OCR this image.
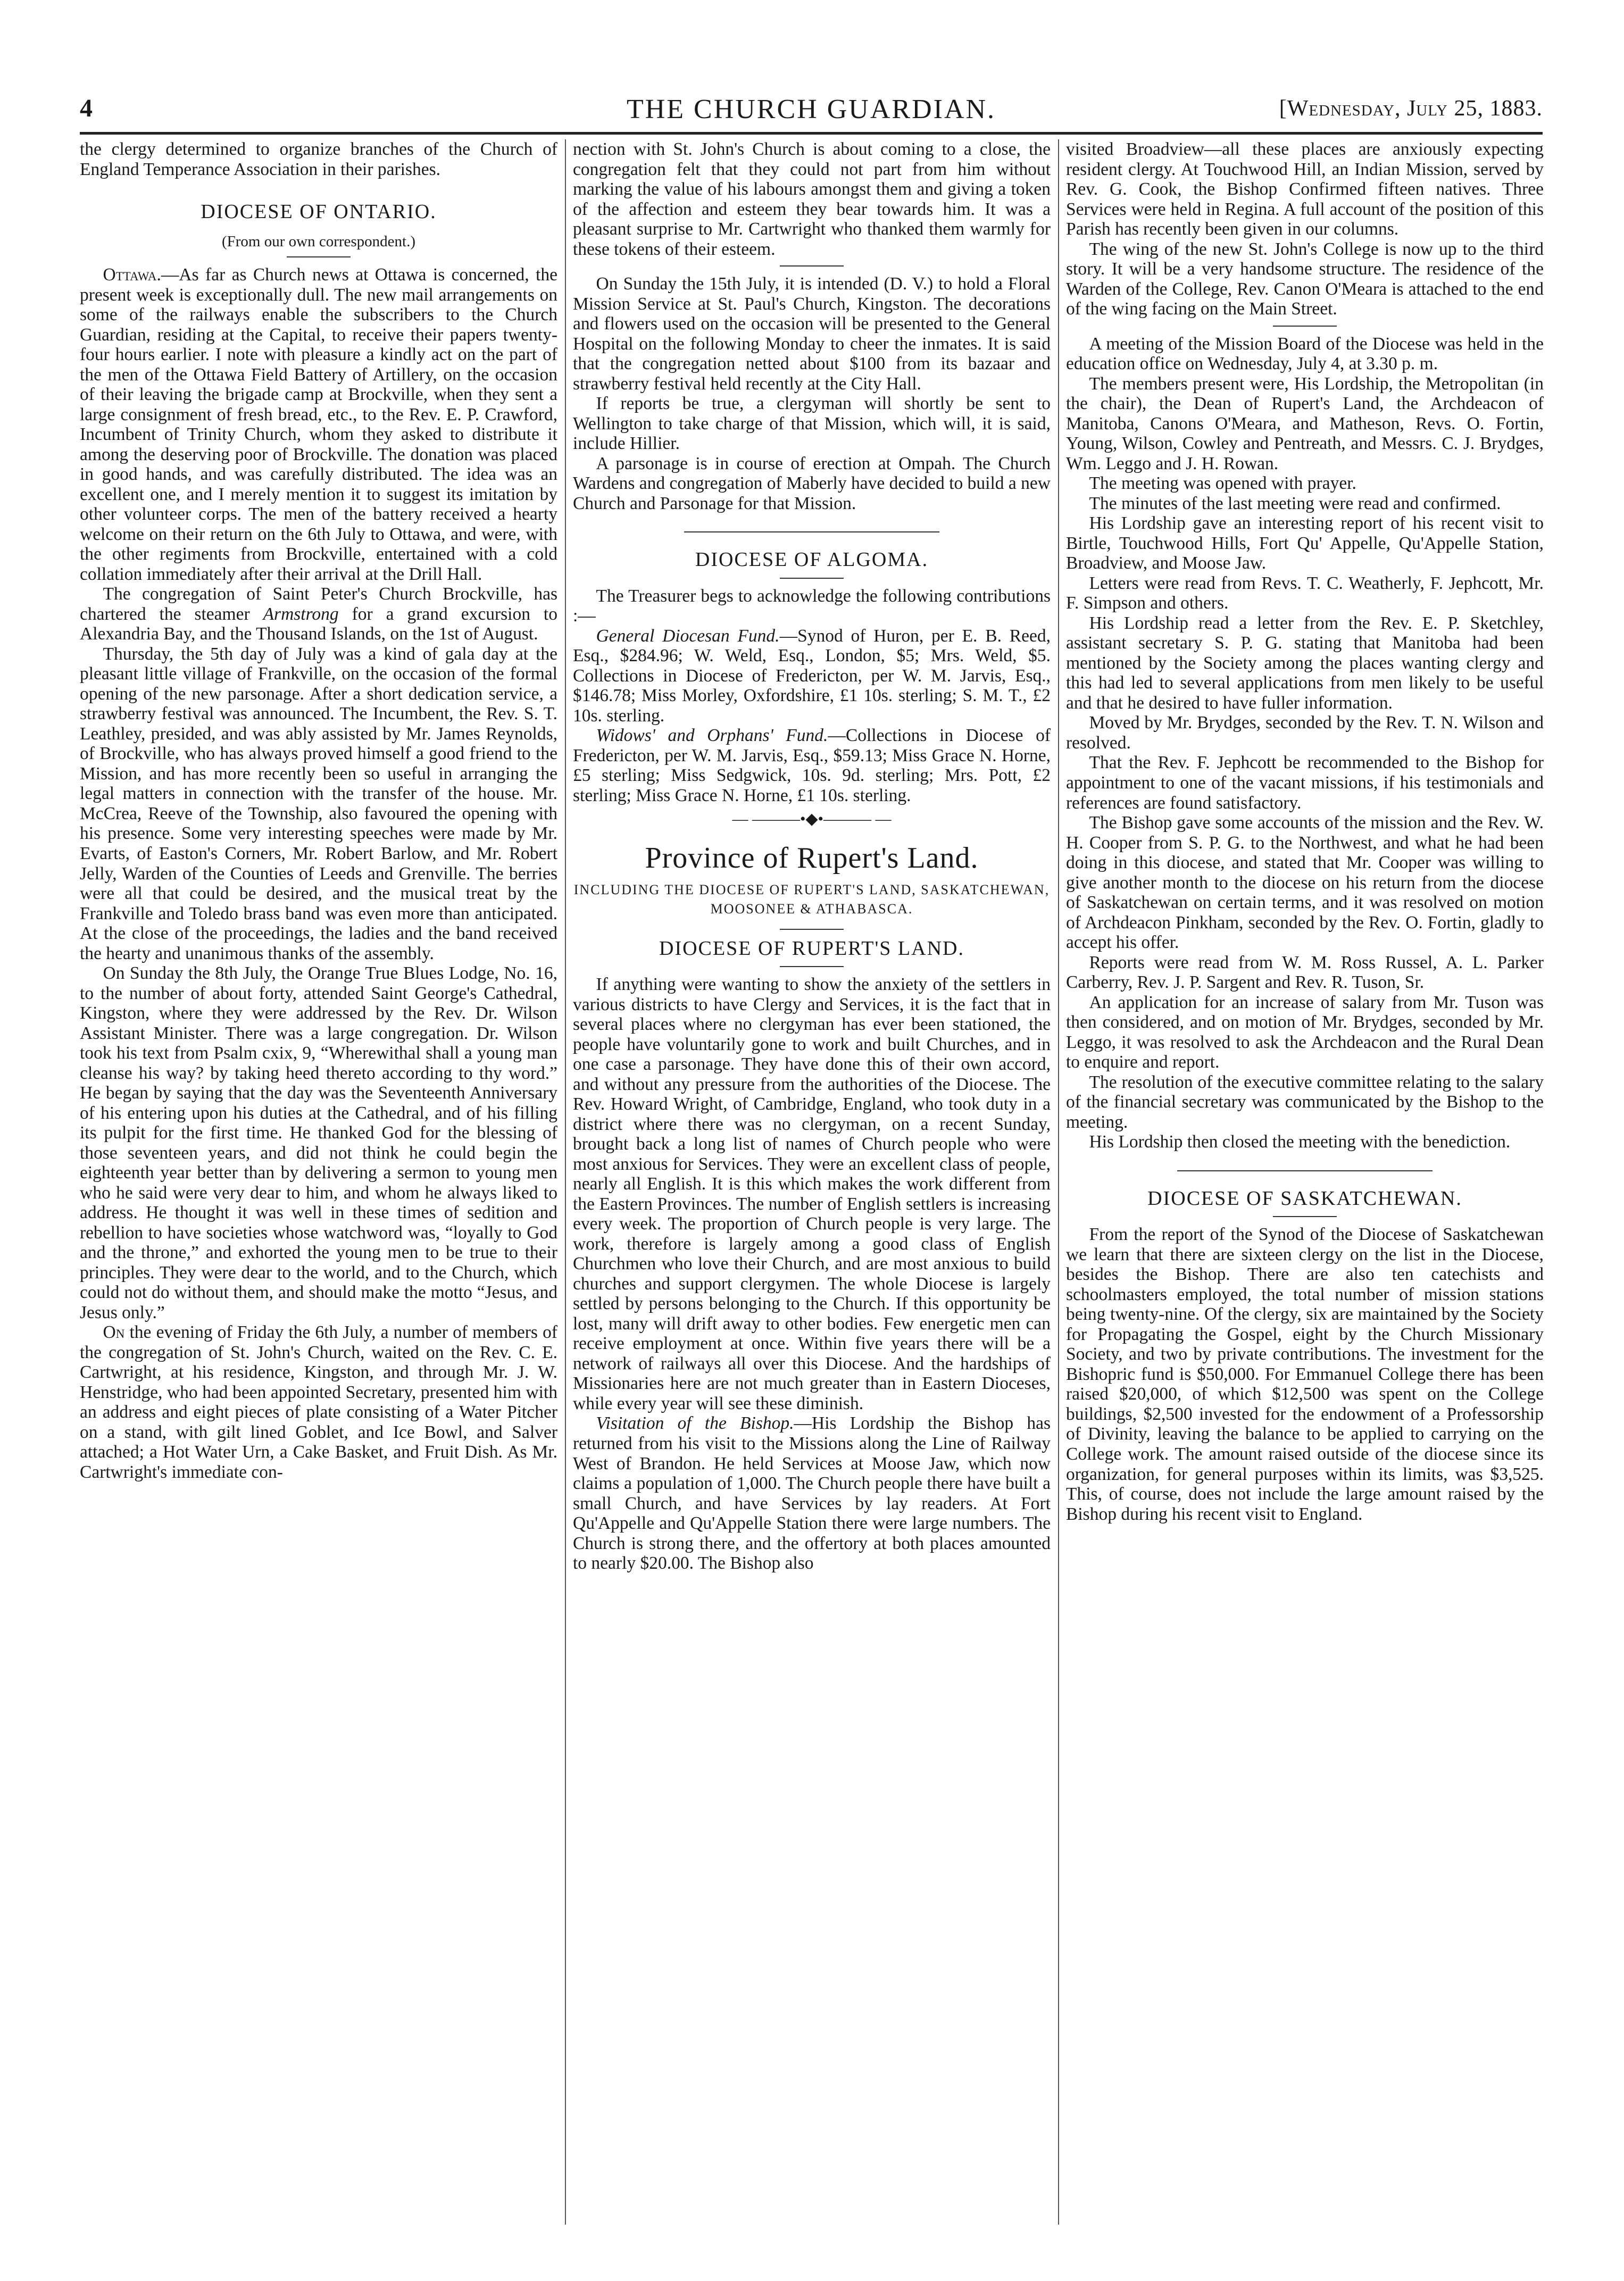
4	THE CHURCH GUARDIAN.	[Wednesday, July 25, 1883.

the clergy determined to organize branches of the Church of England Temperance Association in their parishes.

DIOCESE OF ONTARIO.
(From our own correspondent.)

Ottawa.—As far as Church news at Ottawa is concerned, the present week is exceptionally dull. The new mail arrangements on some of the railways enable the subscribers to the Church Guardian, residing at the Capital, to receive their papers twenty-four hours earlier. I note with pleasure a kindly act on the part of the men of the Ottawa Field Battery of Artillery, on the occasion of their leaving the brigade camp at Brockville, when they sent a large consignment of fresh bread, etc., to the Rev. E. P. Crawford, Incumbent of Trinity Church, whom they asked to distribute it among the deserving poor of Brockville. The donation was placed in good hands, and was carefully distributed. The idea was an excellent one, and I merely mention it to suggest its imitation by other volunteer corps. The men of the battery received a hearty welcome on their return on the 6th July to Ottawa, and were, with the other regiments from Brockville, entertained with a cold collation immediately after their arrival at the Drill Hall.

The congregation of Saint Peter's Church Brockville, has chartered the steamer Armstrong for a grand excursion to Alexandria Bay, and the Thousand Islands, on the 1st of August.

Thursday, the 5th day of July was a kind of gala day at the pleasant little village of Frankville, on the occasion of the formal opening of the new parsonage. After a short dedication service, a strawberry festival was announced. The Incumbent, the Rev. S. T. Leathley, presided, and was ably assisted by Mr. James Reynolds, of Brockville, who has always proved himself a good friend to the Mission, and has more recently been so useful in arranging the legal matters in connection with the transfer of the house. Mr. McCrea, Reeve of the Township, also favoured the opening with his presence. Some very interesting speeches were made by Mr. Evarts, of Easton's Corners, Mr. Robert Barlow, and Mr. Robert Jelly, Warden of the Counties of Leeds and Grenville. The berries were all that could be desired, and the musical treat by the Frankville and Toledo brass band was even more than anticipated. At the close of the proceedings, the ladies and the band received the hearty and unanimous thanks of the assembly.

On Sunday the 8th July, the Orange True Blues Lodge, No. 16, to the number of about forty, attended Saint George's Cathedral, Kingston, where they were addressed by the Rev. Dr. Wilson Assistant Minister. There was a large congregation. Dr. Wilson took his text from Psalm cxix, 9, “Wherewithal shall a young man cleanse his way? by taking heed thereto according to thy word.” He began by saying that the day was the Seventeenth Anniversary of his entering upon his duties at the Cathedral, and of his filling its pulpit for the first time. He thanked God for the blessing of those seventeen years, and did not think he could begin the eighteenth year better than by delivering a sermon to young men who he said were very dear to him, and whom he always liked to address. He thought it was well in these times of sedition and rebellion to have societies whose watchword was, “loyally to God and the throne,” and exhorted the young men to be true to their principles. They were dear to the world, and to the Church, which could not do without them, and should make the motto “Jesus, and Jesus only.”

On the evening of Friday the 6th July, a number of members of the congregation of St. John's Church, waited on the Rev. C. E. Cartwright, at his residence, Kingston, and through Mr. J. W. Henstridge, who had been appointed Secretary, presented him with an address and eight pieces of plate consisting of a Water Pitcher on a stand, with gilt lined Goblet, and Ice Bowl, and Salver attached; a Hot Water Urn, a Cake Basket, and Fruit Dish. As Mr. Cartwright's immediate con-

nection with St. John's Church is about coming to a close, the congregation felt that they could not part from him without marking the value of his labours amongst them and giving a token of the affection and esteem they bear towards him. It was a pleasant surprise to Mr. Cartwright who thanked them warmly for these tokens of their esteem.

On Sunday the 15th July, it is intended (D. V.) to hold a Floral Mission Service at St. Paul's Church, Kingston. The decorations and flowers used on the occasion will be presented to the General Hospital on the following Monday to cheer the inmates. It is said that the congregation netted about $100 from its bazaar and strawberry festival held recently at the City Hall.

If reports be true, a clergyman will shortly be sent to Wellington to take charge of that Mission, which will, it is said, include Hillier.

A parsonage is in course of erection at Ompah. The Church Wardens and congregation of Maberly have decided to build a new Church and Parsonage for that Mission.

DIOCESE OF ALGOMA.

The Treasurer begs to acknowledge the following contributions :—

General Diocesan Fund.—Synod of Huron, per E. B. Reed, Esq., $284.96; W. Weld, Esq., London, $5; Mrs. Weld, $5. Collections in Diocese of Fredericton, per W. M. Jarvis, Esq., $146.78; Miss Morley, Oxfordshire, £1 10s. sterling; S. M. T., £2 10s. sterling.

Widows' and Orphans' Fund.—Collections in Diocese of Fredericton, per W. M. Jarvis, Esq., $59.13; Miss Grace N. Horne, £5 sterling; Miss Sedgwick, 10s. 9d. sterling; Mrs. Pott, £2 sterling; Miss Grace N. Horne, £1 10s. sterling.

— ———•◆•——— —
Province of Rupert's Land.
INCLUDING THE DIOCESE OF RUPERT'S LAND, SASKATCHEWAN, MOOSONEE & ATHABASCA.
DIOCESE OF RUPERT'S LAND.

If anything were wanting to show the anxiety of the settlers in various districts to have Clergy and Services, it is the fact that in several places where no clergyman has ever been stationed, the people have voluntarily gone to work and built Churches, and in one case a parsonage. They have done this of their own accord, and without any pressure from the authorities of the Diocese. The Rev. Howard Wright, of Cambridge, England, who took duty in a district where there was no clergyman, on a recent Sunday, brought back a long list of names of Church people who were most anxious for Services. They were an excellent class of people, nearly all English. It is this which makes the work different from the Eastern Provinces. The number of English settlers is increasing every week. The proportion of Church people is very large. The work, therefore is largely among a good class of English Churchmen who love their Church, and are most anxious to build churches and support clergymen. The whole Diocese is largely settled by persons belonging to the Church. If this opportunity be lost, many will drift away to other bodies. Few energetic men can receive employment at once. Within five years there will be a network of railways all over this Diocese. And the hardships of Missionaries here are not much greater than in Eastern Dioceses, while every year will see these diminish.

Visitation of the Bishop.—His Lordship the Bishop has returned from his visit to the Missions along the Line of Railway West of Brandon. He held Services at Moose Jaw, which now claims a population of 1,000. The Church people there have built a small Church, and have Services by lay readers. At Fort Qu'Appelle and Qu'Appelle Station there were large numbers. The Church is strong there, and the offertory at both places amounted to nearly $20.00. The Bishop also

visited Broadview—all these places are anxiously expecting resident clergy. At Touchwood Hill, an Indian Mission, served by Rev. G. Cook, the Bishop Confirmed fifteen natives. Three Services were held in Regina. A full account of the position of this Parish has recently been given in our columns.

The wing of the new St. John's College is now up to the third story. It will be a very handsome structure. The residence of the Warden of the College, Rev. Canon O'Meara is attached to the end of the wing facing on the Main Street.

A meeting of the Mission Board of the Diocese was held in the education office on Wednesday, July 4, at 3.30 p. m.

The members present were, His Lordship, the Metropolitan (in the chair), the Dean of Rupert's Land, the Archdeacon of Manitoba, Canons O'Meara, and Matheson, Revs. O. Fortin, Young, Wilson, Cowley and Pentreath, and Messrs. C. J. Brydges, Wm. Leggo and J. H. Rowan.

The meeting was opened with prayer.

The minutes of the last meeting were read and confirmed.

His Lordship gave an interesting report of his recent visit to Birtle, Touchwood Hills, Fort Qu' Appelle, Qu'Appelle Station, Broadview, and Moose Jaw.

Letters were read from Revs. T. C. Weatherly, F. Jephcott, Mr. F. Simpson and others.

His Lordship read a letter from the Rev. E. P. Sketchley, assistant secretary S. P. G. stating that Manitoba had been mentioned by the Society among the places wanting clergy and this had led to several applications from men likely to be useful and that he desired to have fuller information.

Moved by Mr. Brydges, seconded by the Rev. T. N. Wilson and resolved.

That the Rev. F. Jephcott be recommended to the Bishop for appointment to one of the vacant missions, if his testimonials and references are found satisfactory.

The Bishop gave some accounts of the mission and the Rev. W. H. Cooper from S. P. G. to the Northwest, and what he had been doing in this diocese, and stated that Mr. Cooper was willing to give another month to the diocese on his return from the diocese of Saskatchewan on certain terms, and it was resolved on motion of Archdeacon Pinkham, seconded by the Rev. O. Fortin, gladly to accept his offer.

Reports were read from W. M. Ross Russel, A. L. Parker Carberry, Rev. J. P. Sargent and Rev. R. Tuson, Sr.

An application for an increase of salary from Mr. Tuson was then considered, and on motion of Mr. Brydges, seconded by Mr. Leggo, it was resolved to ask the Archdeacon and the Rural Dean to enquire and report.

The resolution of the executive committee relating to the salary of the financial secretary was communicated by the Bishop to the meeting.

His Lordship then closed the meeting with the benediction.

DIOCESE OF SASKATCHEWAN.

From the report of the Synod of the Diocese of Saskatchewan we learn that there are sixteen clergy on the list in the Diocese, besides the Bishop. There are also ten catechists and schoolmasters employed, the total number of mission stations being twenty-nine. Of the clergy, six are maintained by the Society for Propagating the Gospel, eight by the Church Missionary Society, and two by private contributions. The investment for the Bishopric fund is $50,000. For Emmanuel College there has been raised $20,000, of which $12,500 was spent on the College buildings, $2,500 invested for the endowment of a Professorship of Divinity, leaving the balance to be applied to carrying on the College work. The amount raised outside of the diocese since its organization, for general purposes within its limits, was $3,525. This, of course, does not include the large amount raised by the Bishop during his recent visit to England.
